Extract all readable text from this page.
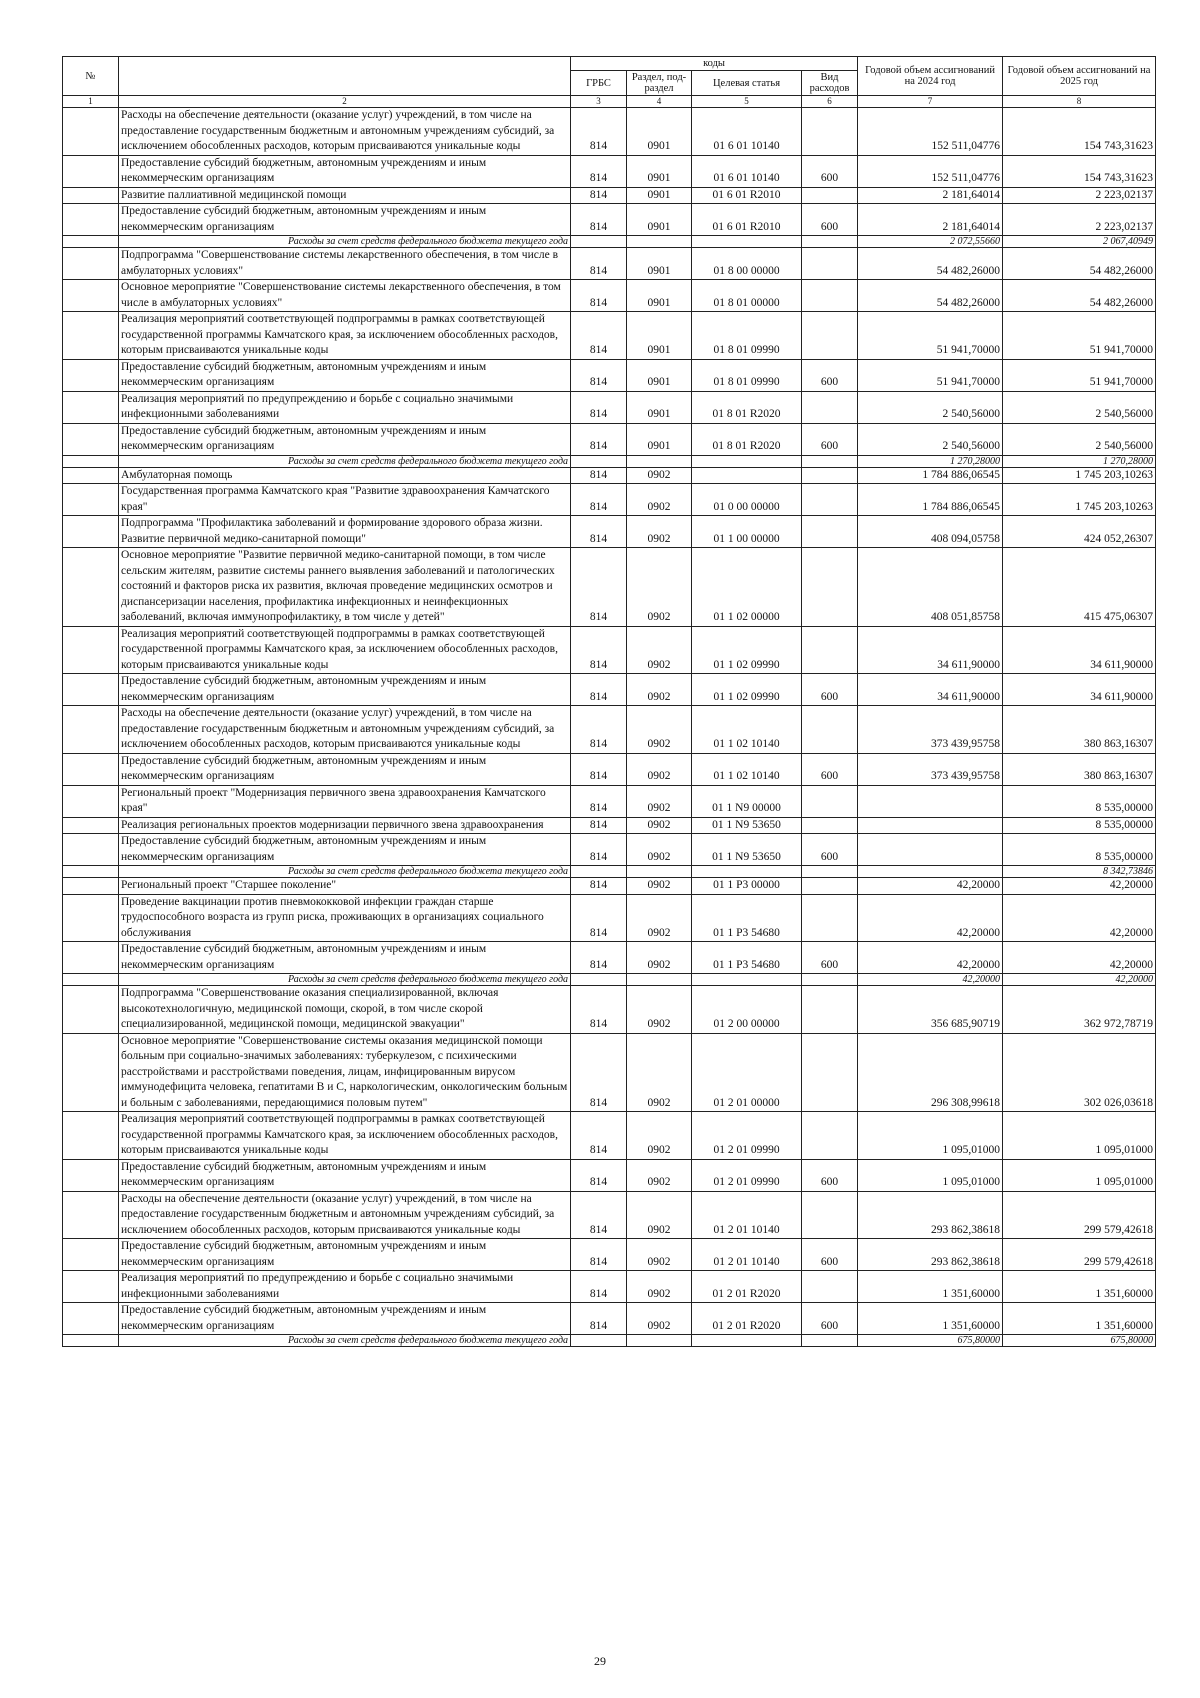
№		коды				Годовой объем ассигнований на 2024 год	Годовой объем ассигнований на 2025 год
		ГРБС	Раздел, под-раздел	Целевая статья	Вид расходов		
1	2	3	4	5	6	7	8
	Расходы на обеспечение деятельности (оказание услуг) учреждений, в том числе на предоставление государственным бюджетным и автономным учреждениям субсидий, за исключением обособленных расходов, которым присваиваются уникальные коды	814	0901	01 6 01 10140		152 511,04776	154 743,31623
	Предоставление субсидий бюджетным, автономным учреждениям и иным некоммерческим организациям	814	0901	01 6 01 10140	600	152 511,04776	154 743,31623
	Развитие паллиативной медицинской помощи	814	0901	01 6 01 R2010		2 181,64014	2 223,02137
	Предоставление субсидий бюджетным, автономным учреждениям и иным некоммерческим организациям	814	0901	01 6 01 R2010	600	2 181,64014	2 223,02137
	Расходы за счет средств федерального бюджета текущего года					2 072,55660	2 067,40949
	Подпрограмма "Совершенствование системы лекарственного обеспечения, в том числе в амбулаторных условиях"	814	0901	01 8 00 00000		54 482,26000	54 482,26000
	Основное мероприятие "Совершенствование системы лекарственного обеспечения, в том числе в амбулаторных условиях"	814	0901	01 8 01 00000		54 482,26000	54 482,26000
	Реализация мероприятий соответствующей подпрограммы в рамках соответствующей государственной программы Камчатского края, за исключением обособленных расходов, которым присваиваются уникальные коды	814	0901	01 8 01 09990		51 941,70000	51 941,70000
	Предоставление субсидий бюджетным, автономным учреждениям и иным некоммерческим организациям	814	0901	01 8 01 09990	600	51 941,70000	51 941,70000
	Реализация мероприятий по предупреждению и борьбе с социально значимыми инфекционными заболеваниями	814	0901	01 8 01 R2020		2 540,56000	2 540,56000
	Предоставление субсидий бюджетным, автономным учреждениям и иным некоммерческим организациям	814	0901	01 8 01 R2020	600	2 540,56000	2 540,56000
	Расходы за счет средств федерального бюджета текущего года					1 270,28000	1 270,28000
	Амбулаторная помощь	814	0902			1 784 886,06545	1 745 203,10263
	Государственная программа Камчатского края "Развитие здравоохранения Камчатского края"	814	0902	01 0 00 00000		1 784 886,06545	1 745 203,10263
	Подпрограмма "Профилактика заболеваний и формирование здорового образа жизни. Развитие первичной медико-санитарной помощи"	814	0902	01 1 00 00000		408 094,05758	424 052,26307
	Основное мероприятие "Развитие первичной медико-санитарной помощи, в том числе сельским жителям, развитие системы раннего выявления заболеваний и патологических состояний и факторов риска их развития, включая проведение медицинских осмотров и диспансеризации населения, профилактика инфекционных и неинфекционных заболеваний, включая иммунопрофилактику, в том числе у детей"	814	0902	01 1 02 00000		408 051,85758	415 475,06307
	Реализация мероприятий соответствующей подпрограммы в рамках соответствующей государственной программы Камчатского края, за исключением обособленных расходов, которым присваиваются уникальные коды	814	0902	01 1 02 09990		34 611,90000	34 611,90000
	Предоставление субсидий бюджетным, автономным учреждениям и иным некоммерческим организациям	814	0902	01 1 02 09990	600	34 611,90000	34 611,90000
	Расходы на обеспечение деятельности (оказание услуг) учреждений, в том числе на предоставление государственным бюджетным и автономным учреждениям субсидий, за исключением обособленных расходов, которым присваиваются уникальные коды	814	0902	01 1 02 10140		373 439,95758	380 863,16307
	Предоставление субсидий бюджетным, автономным учреждениям и иным некоммерческим организациям	814	0902	01 1 02 10140	600	373 439,95758	380 863,16307
	Региональный проект "Модернизация первичного звена здравоохранения Камчатского края"	814	0902	01 1 N9 00000			8 535,00000
	Реализация региональных проектов модернизации первичного звена здравоохранения	814	0902	01 1 N9 53650			8 535,00000
	Предоставление субсидий бюджетным, автономным учреждениям и иным некоммерческим организациям	814	0902	01 1 N9 53650	600		8 535,00000
	Расходы за счет средств федерального бюджета текущего года						8 342,73846
	Региональный проект "Старшее поколение"	814	0902	01 1 P3 00000		42,20000	42,20000
	Проведение вакцинации против пневмококковой инфекции граждан старше трудоспособного возраста из групп риска, проживающих в организациях социального обслуживания	814	0902	01 1 P3 54680		42,20000	42,20000
	Предоставление субсидий бюджетным, автономным учреждениям и иным некоммерческим организациям	814	0902	01 1 P3 54680	600	42,20000	42,20000
	Расходы за счет средств федерального бюджета текущего года					42,20000	42,20000
	Подпрограмма "Совершенствование оказания специализированной, включая высокотехнологичную, медицинской помощи, скорой, в том числе скорой специализированной, медицинской помощи, медицинской эвакуации"	814	0902	01 2 00 00000		356 685,90719	362 972,78719
	Основное мероприятие "Совершенствование системы оказания медицинской помощи больным при социально-значимых заболеваниях: туберкулезом, с психическими расстройствами и расстройствами поведения, лицам, инфицированным вирусом иммунодефицита человека, гепатитами В и С, наркологическим, онкологическим больным и больным с заболеваниями, передающимися половым путем"	814	0902	01 2 01 00000		296 308,99618	302 026,03618
	Реализация мероприятий соответствующей подпрограммы в рамках соответствующей государственной программы Камчатского края, за исключением обособленных расходов, которым присваиваются уникальные коды	814	0902	01 2 01 09990		1 095,01000	1 095,01000
	Предоставление субсидий бюджетным, автономным учреждениям и иным некоммерческим организациям	814	0902	01 2 01 09990	600	1 095,01000	1 095,01000
	Расходы на обеспечение деятельности (оказание услуг) учреждений, в том числе на предоставление государственным бюджетным и автономным учреждениям субсидий, за исключением обособленных расходов, которым присваиваются уникальные коды	814	0902	01 2 01 10140		293 862,38618	299 579,42618
	Предоставление субсидий бюджетным, автономным учреждениям и иным некоммерческим организациям	814	0902	01 2 01 10140	600	293 862,38618	299 579,42618
	Реализация мероприятий по предупреждению и борьбе с социально значимыми инфекционными заболеваниями	814	0902	01 2 01 R2020		1 351,60000	1 351,60000
	Предоставление субсидий бюджетным, автономным учреждениям и иным некоммерческим организациям	814	0902	01 2 01 R2020	600	1 351,60000	1 351,60000
	Расходы за счет средств федерального бюджета текущего года					675,80000	675,80000
29
